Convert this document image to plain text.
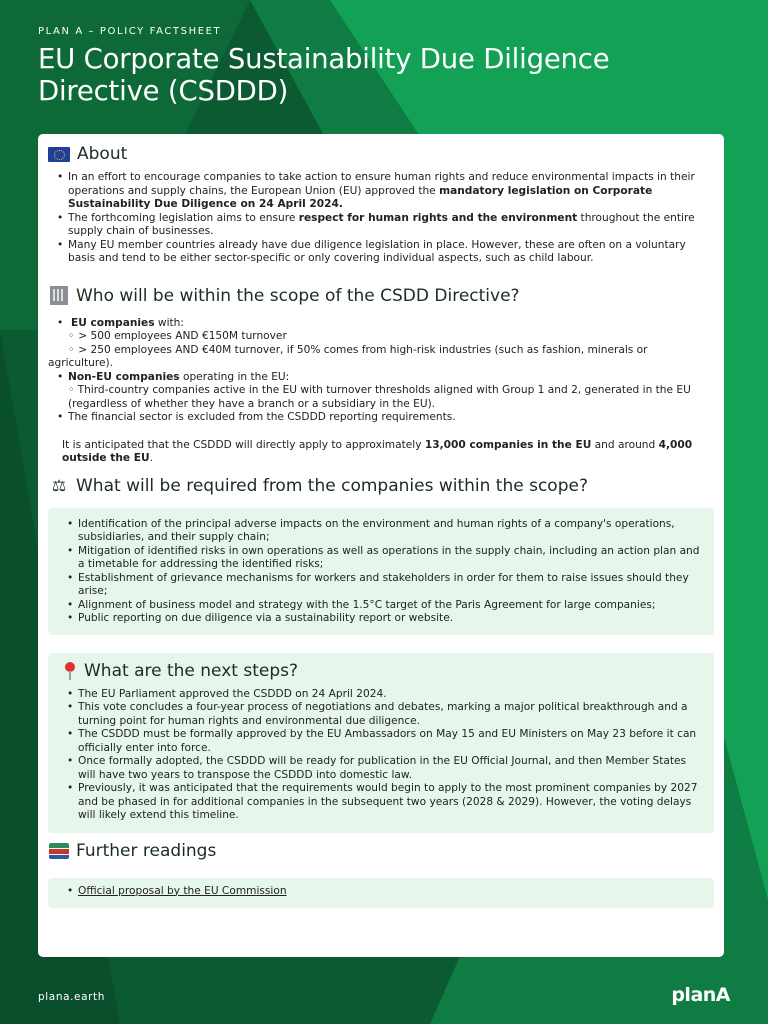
PLAN A – POLICY FACTSHEET
EU Corporate Sustainability Due Diligence
Directive (CSDDD)
About
• In an effort to encourage companies to take action to ensure human rights and reduce environmental impacts in their operations and supply chains, the European Union (EU) approved the mandatory legislation on Corporate Sustainability Due Diligence on 24 April 2024.
• The forthcoming legislation aims to ensure respect for human rights and the environment throughout the entire supply chain of businesses.
• Many EU member countries already have due diligence legislation in place. However, these are often on a voluntary basis and tend to be either sector-specific or only covering individual aspects, such as child labour.
Who will be within the scope of the CSDD Directive?
• EU companies with:
◦ > 500 employees AND €150M turnover
◦ > 250 employees AND €40M turnover, if 50% comes from high-risk industries (such as fashion, minerals or agriculture).
• Non-EU companies operating in the EU:
◦ Third-country companies active in the EU with turnover thresholds aligned with Group 1 and 2, generated in the EU (regardless of whether they have a branch or a subsidiary in the EU).
• The financial sector is excluded from the CSDDD reporting requirements.
It is anticipated that the CSDDD will directly apply to approximately 13,000 companies in the EU and around 4,000 outside the EU.
⚖ What will be required from the companies within the scope?
• Identification of the principal adverse impacts on the environment and human rights of a company's operations, subsidiaries, and their supply chain;
• Mitigation of identified risks in own operations as well as operations in the supply chain, including an action plan and a timetable for addressing the identified risks;
• Establishment of grievance mechanisms for workers and stakeholders in order for them to raise issues should they arise;
• Alignment of business model and strategy with the 1.5°C target of the Paris Agreement for large companies;
• Public reporting on due diligence via a sustainability report or website.
What are the next steps?
• The EU Parliament approved the CSDDD on 24 April 2024.
• This vote concludes a four-year process of negotiations and debates, marking a major political breakthrough and a turning point for human rights and environmental due diligence.
• The CSDDD must be formally approved by the EU Ambassadors on May 15 and EU Ministers on May 23 before it can officially enter into force.
• Once formally adopted, the CSDDD will be ready for publication in the EU Official Journal, and then Member States will have two years to transpose the CSDDD into domestic law.
• Previously, it was anticipated that the requirements would begin to apply to the most prominent companies by 2027 and be phased in for additional companies in the subsequent two years (2028 & 2029). However, the voting delays will likely extend this timeline.
Further readings
• Official proposal by the EU Commission
plana.earth	planA
